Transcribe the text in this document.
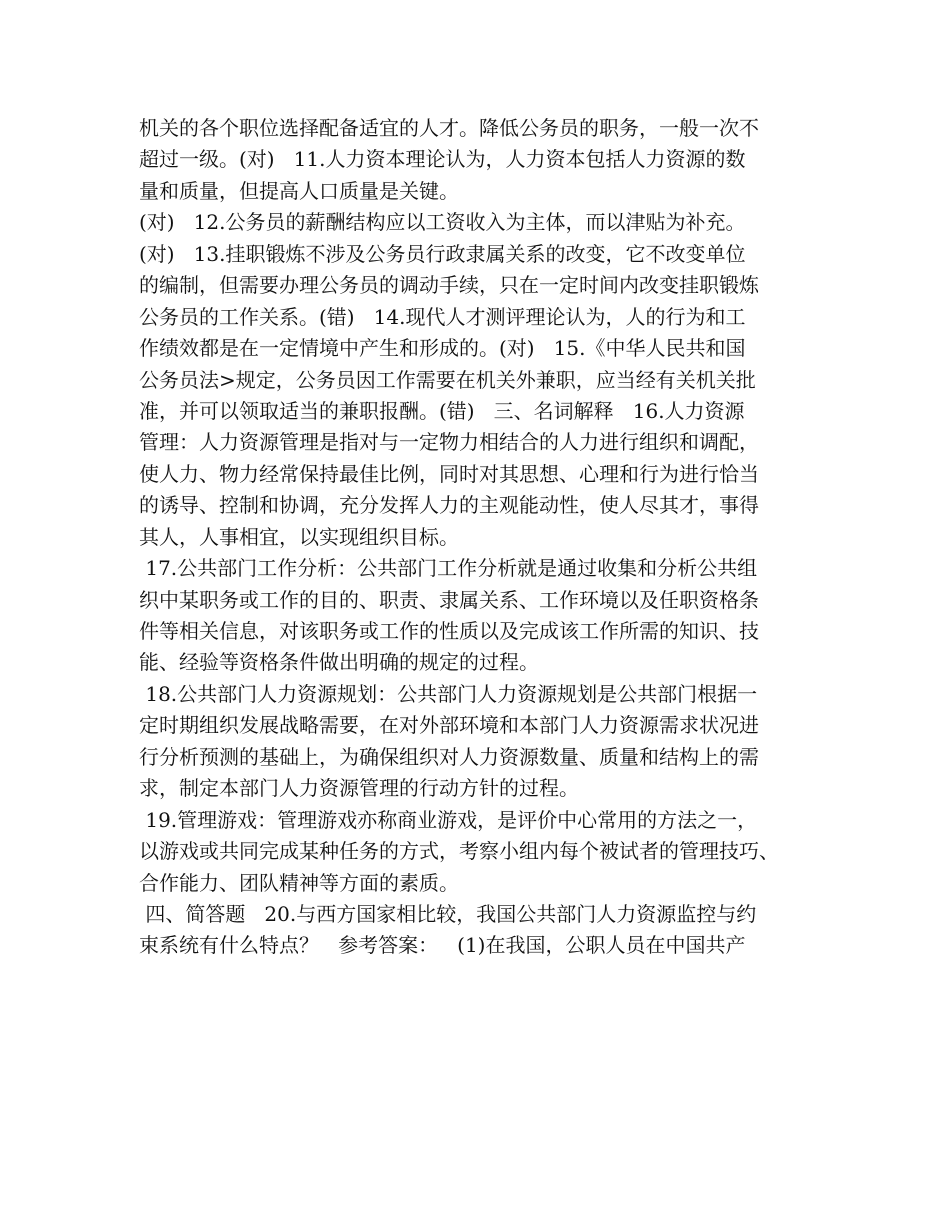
机关的各个职位选择配备适宜的人才。降低公务员的职务，一般一次不
超过一级。(对)   11.人力资本理论认为，人力资本包括人力资源的数
量和质量，但提高人口质量是关键。
(对)   12.公务员的薪酬结构应以工资收入为主体，而以津贴为补充。
(对)   13.挂职锻炼不涉及公务员行政隶属关系的改变，它不改变单位
的编制，但需要办理公务员的调动手续，只在一定时间内改变挂职锻炼
公务员的工作关系。(错)   14.现代人才测评理论认为，人的行为和工
作绩效都是在一定情境中产生和形成的。(对)   15.《中华人民共和国
公务员法>规定，公务员因工作需要在机关外兼职，应当经有关机关批
准，并可以领取适当的兼职报酬。(错)   三、名词解释   16.人力资源
管理：人力资源管理是指对与一定物力相结合的人力进行组织和调配，
使人力、物力经常保持最佳比例，同时对其思想、心理和行为进行恰当
的诱导、控制和协调，充分发挥人力的主观能动性，使人尽其才，事得
其人，人事相宜，以实现组织目标。
17.公共部门工作分析：公共部门工作分析就是通过收集和分析公共组
织中某职务或工作的目的、职责、隶属关系、工作环境以及任职资格条
件等相关信息，对该职务或工作的性质以及完成该工作所需的知识、技
能、经验等资格条件做出明确的规定的过程。
18.公共部门人力资源规划：公共部门人力资源规划是公共部门根据一
定时期组织发展战略需要，在对外部环境和本部门人力资源需求状况进
行分析预测的基础上，为确保组织对人力资源数量、质量和结构上的需
求，制定本部门人力资源管理的行动方针的过程。
19.管理游戏：管理游戏亦称商业游戏，是评价中心常用的方法之一，
以游戏或共同完成某种任务的方式，考察小组内每个被试者的管理技巧、
合作能力、团队精神等方面的素质。
四、简答题   20.与西方国家相比较，我国公共部门人力资源监控与约
束系统有什么特点？   参考答案：   (1)在我国，公职人员在中国共产
